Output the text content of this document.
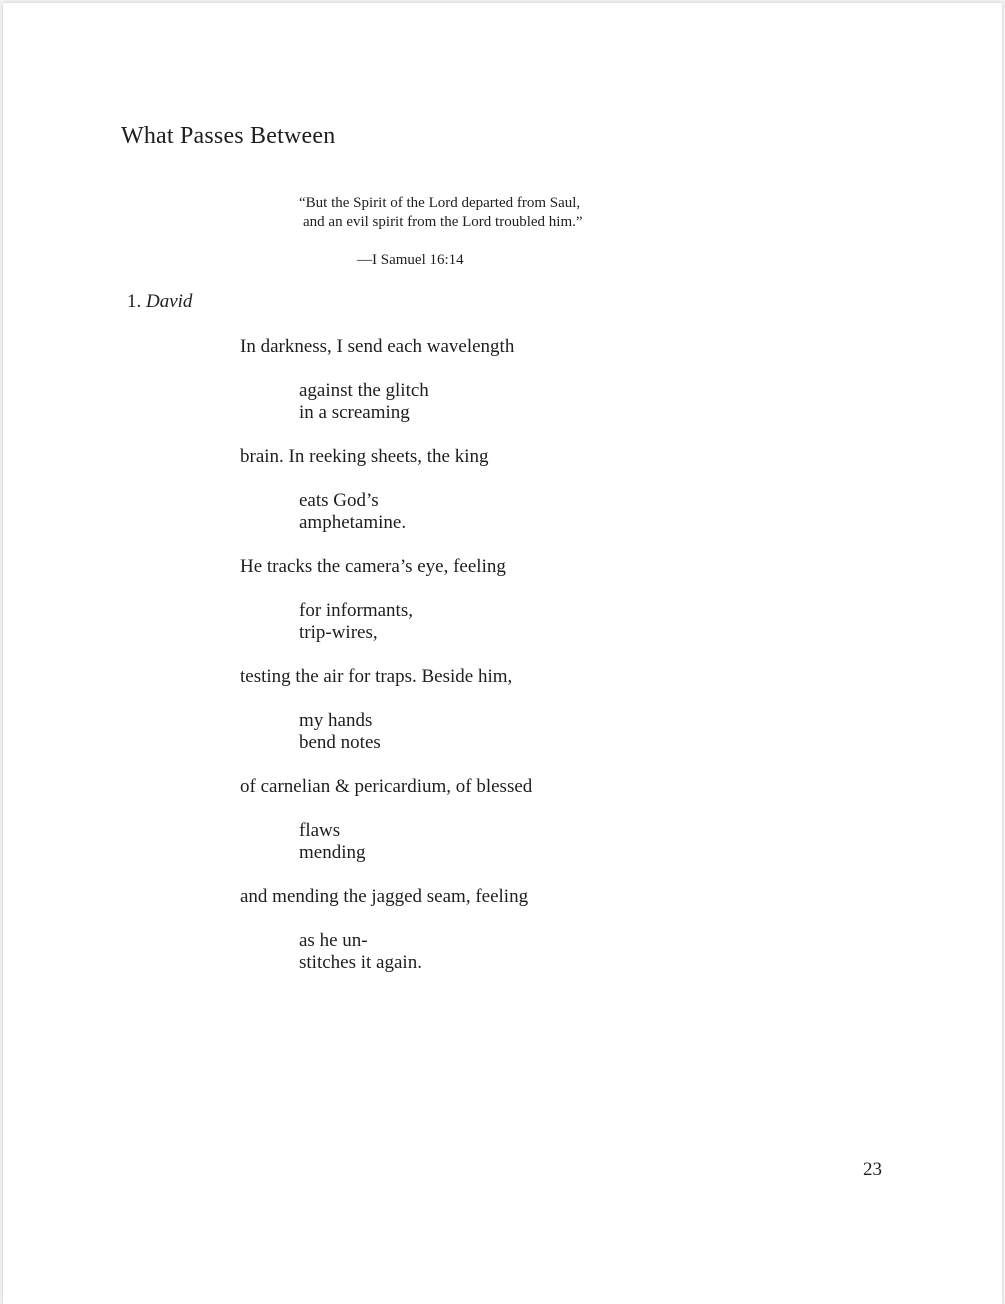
What Passes Between
“But the Spirit of the Lord departed from Saul,
and an evil spirit from the Lord troubled him.”
—I Samuel 16:14
1. David
In darkness, I send each wavelength
against the glitch
in a screaming
brain. In reeking sheets, the king
eats God’s
amphetamine.
He tracks the camera’s eye, feeling
for informants,
trip-wires,
testing the air for traps. Beside him,
my hands
bend notes
of carnelian & pericardium, of blessed
flaws
mending
and mending the jagged seam, feeling
as he un-
stitches it again.
23
